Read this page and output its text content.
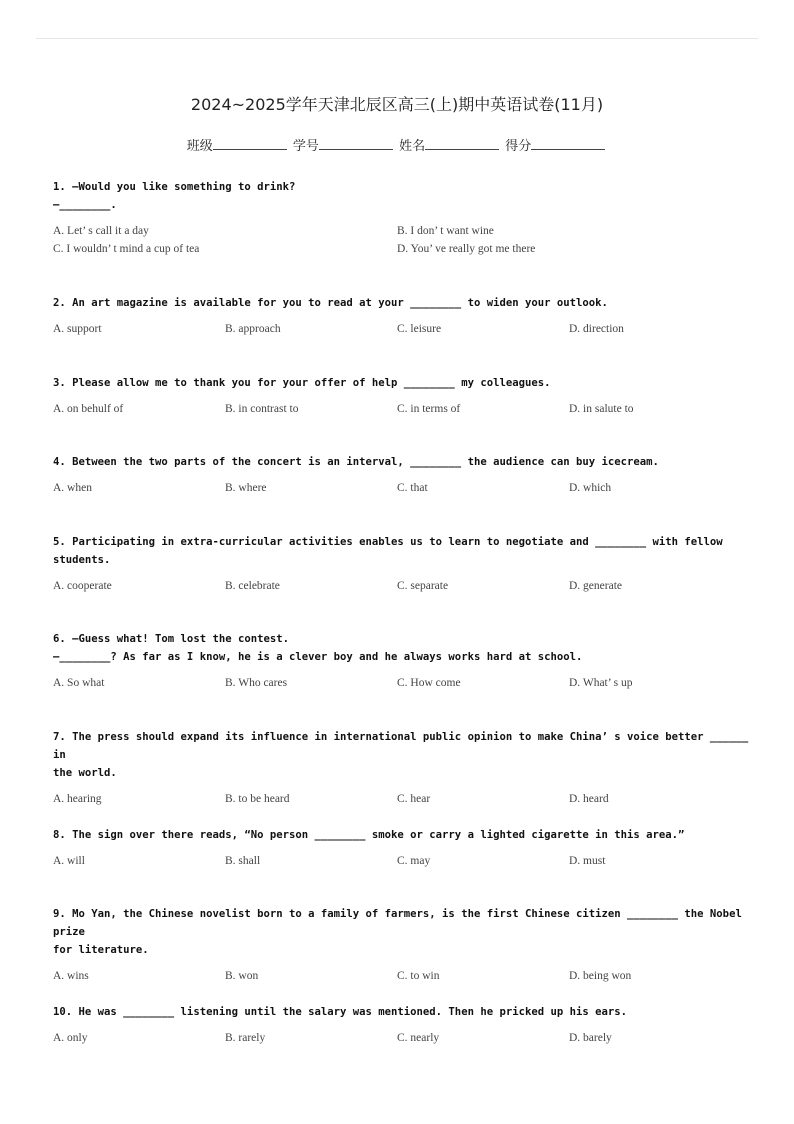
2024~2025学年天津北辰区高三(上)期中英语试卷(11月)
班级	学号	姓名	得分
1. —Would you like something to drink?
—________.
A. Let’ s call it a day	B. I don’ t want wine
C. I wouldn’ t mind a cup of tea	D. You’ ve really got me there
2. An art magazine is available for you to read at your ________ to widen your outlook.
A. support	B. approach	C. leisure	D. direction
3. Please allow me to thank you for your offer of help ________ my colleagues.
A. on behulf of	B. in contrast to	C. in terms of	D. in salute to
4. Between the two parts of the concert is an interval, ________ the audience can buy icecream.
A. when	B. where	C. that	D. which
5. Participating in extra-curricular activities enables us to learn to negotiate and ________ with fellow
students.
A. cooperate	B. celebrate	C. separate	D. generate
6. —Guess what! Tom lost the contest.
—________? As far as I know, he is a clever boy and he always works hard at school.
A. So what	B. Who cares	C. How come	D. What’ s up
7. The press should expand its influence in international public opinion to make China’ s voice better ______ in
the world.
A. hearing	B. to be heard	C. hear	D. heard
8. The sign over there reads, “No person ________ smoke or carry a lighted cigarette in this area.”
A. will	B. shall	C. may	D. must
9. Mo Yan, the Chinese novelist born to a family of farmers, is the first Chinese citizen ________ the Nobel prize
for literature.
A. wins	B. won	C. to win	D. being won
10. He was ________ listening until the salary was mentioned. Then he pricked up his ears.
A. only	B. rarely	C. nearly	D. barely
